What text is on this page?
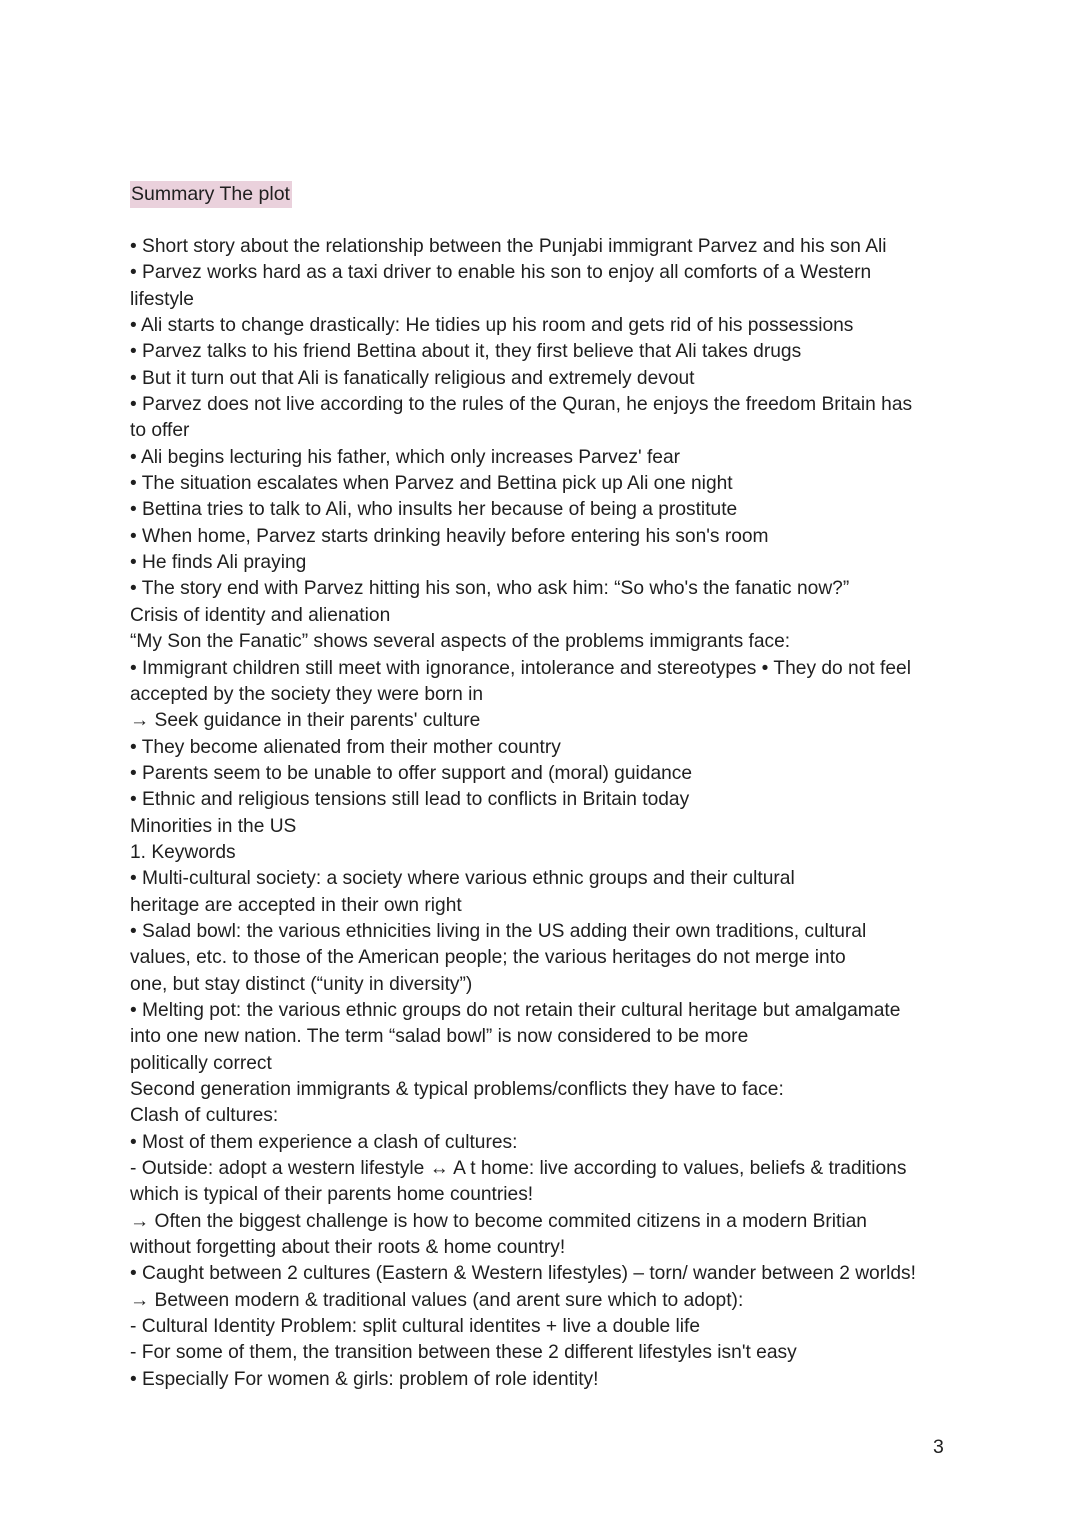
Summary The plot
• Short story about the relationship between the Punjabi immigrant Parvez and his son Ali
• Parvez works hard as a taxi driver to enable his son to enjoy all comforts of a Western
lifestyle
• Ali starts to change drastically: He tidies up his room and gets rid of his possessions
• Parvez talks to his friend Bettina about it, they first believe that Ali takes drugs
• But it turn out that Ali is fanatically religious and extremely devout
• Parvez does not live according to the rules of the Quran, he enjoys the freedom Britain has
to offer
• Ali begins lecturing his father, which only increases Parvez' fear
• The situation escalates when Parvez and Bettina pick up Ali one night
• Bettina tries to talk to Ali, who insults her because of being a prostitute
• When home, Parvez starts drinking heavily before entering his son's room
• He finds Ali praying
• The story end with Parvez hitting his son, who ask him: “So who's the fanatic now?”
Crisis of identity and alienation
“My Son the Fanatic” shows several aspects of the problems immigrants face:
• Immigrant children still meet with ignorance, intolerance and stereotypes • They do not feel
accepted by the society they were born in
→ Seek guidance in their parents' culture
• They become alienated from their mother country
• Parents seem to be unable to offer support and (moral) guidance
• Ethnic and religious tensions still lead to conflicts in Britain today
Minorities in the US
1. Keywords
• Multi-cultural society: a society where various ethnic groups and their cultural
heritage are accepted in their own right
• Salad bowl: the various ethnicities living in the US adding their own traditions, cultural
values, etc. to those of the American people; the various heritages do not merge into
one, but stay distinct (“unity in diversity”)
• Melting pot: the various ethnic groups do not retain their cultural heritage but amalgamate
into one new nation. The term “salad bowl” is now considered to be more
politically correct
Second generation immigrants & typical problems/conflicts they have to face:
Clash of cultures:
• Most of them experience a clash of cultures:
- Outside: adopt a western lifestyle ↔ A t home: live according to values, beliefs & traditions
which is typical of their parents home countries!
→ Often the biggest challenge is how to become commited citizens in a modern Britian
without forgetting about their roots & home country!
• Caught between 2 cultures (Eastern & Western lifestyles) – torn/ wander between 2 worlds!
→ Between modern & traditional values (and arent sure which to adopt):
- Cultural Identity Problem: split cultural identites + live a double life
- For some of them, the transition between these 2 different lifestyles isn't easy
• Especially For women & girls: problem of role identity!
3
